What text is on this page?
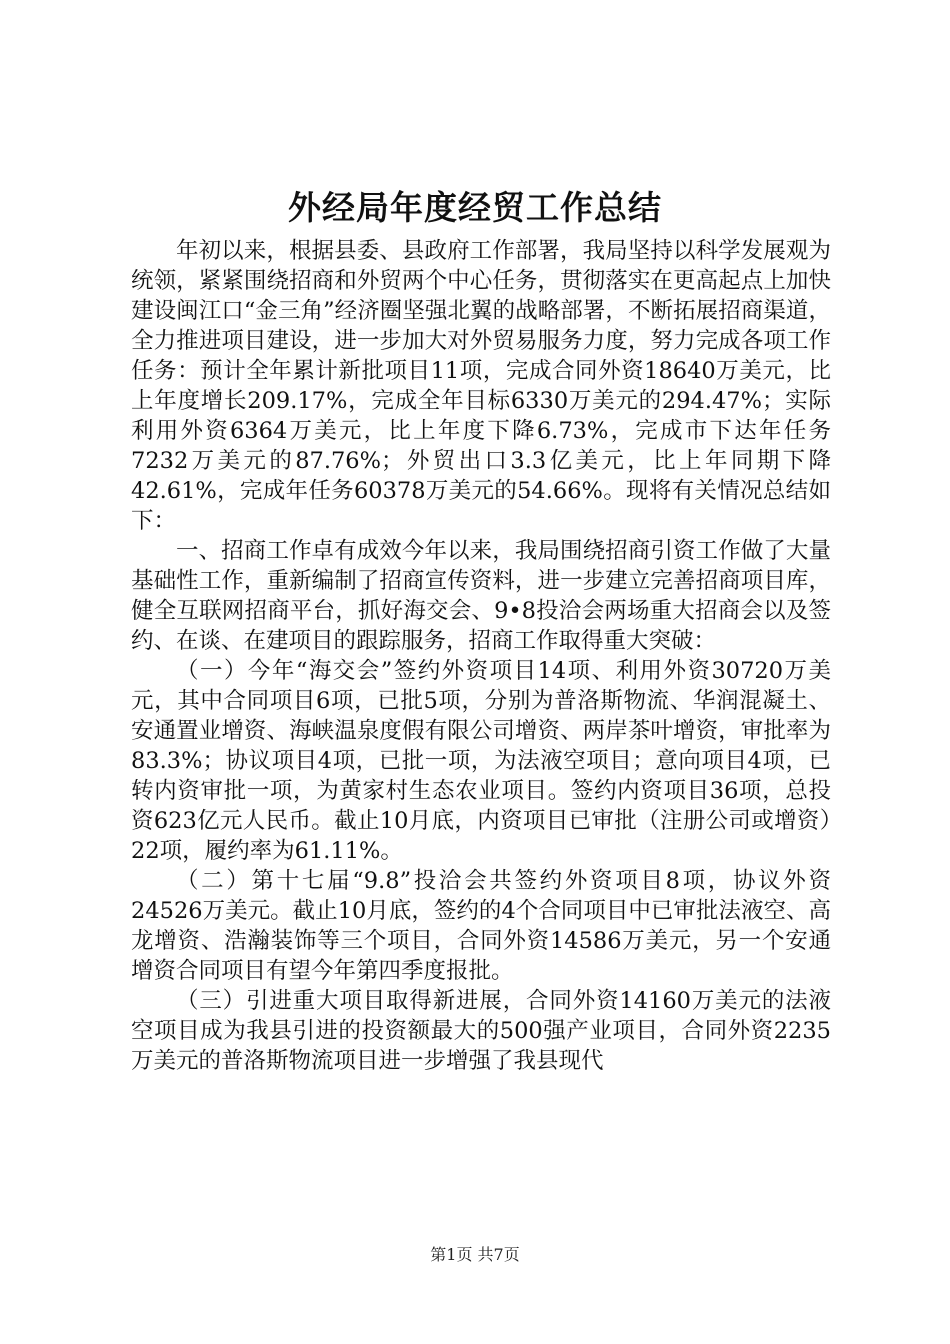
外经局年度经贸工作总结

年初以来，根据县委、县政府工作部署，我局坚持以科学发展观为统领，紧紧围绕招商和外贸两个中心任务，贯彻落实在更高起点上加快建设闽江口“金三角”经济圈坚强北翼的战略部署，不断拓展招商渠道，全力推进项目建设，进一步加大对外贸易服务力度，努力完成各项工作任务：预计全年累计新批项目11项，完成合同外资18640万美元，比上年度增长209.17%，完成全年目标6330万美元的294.47%；实际利用外资6364万美元，比上年度下降6.73%，完成市下达年任务7232万美元的87.76%；外贸出口3.3亿美元，比上年同期下降42.61%，完成年任务60378万美元的54.66%。现将有关情况总结如下：

一、招商工作卓有成效今年以来，我局围绕招商引资工作做了大量基础性工作，重新编制了招商宣传资料，进一步建立完善招商项目库，健全互联网招商平台，抓好海交会、9•8投洽会两场重大招商会以及签约、在谈、在建项目的跟踪服务，招商工作取得重大突破：

（一）今年“海交会”签约外资项目14项、利用外资30720万美元，其中合同项目6项，已批5项，分别为普洛斯物流、华润混凝土、安通置业增资、海峡温泉度假有限公司增资、两岸茶叶增资，审批率为83.3%；协议项目4项，已批一项，为法液空项目；意向项目4项，已转内资审批一项，为黄家村生态农业项目。签约内资项目36项，总投资623亿元人民币。截止10月底，内资项目已审批（注册公司或增资）22项，履约率为61.11%。

（二）第十七届“9.8”投洽会共签约外资项目8项，协议外资24526万美元。截止10月底，签约的4个合同项目中已审批法液空、高龙增资、浩瀚装饰等三个项目，合同外资14586万美元，另一个安通增资合同项目有望今年第四季度报批。

（三）引进重大项目取得新进展，合同外资14160万美元的法液空项目成为我县引进的投资额最大的500强产业项目，合同外资2235万美元的普洛斯物流项目进一步增强了我县现代

第1页 共7页
